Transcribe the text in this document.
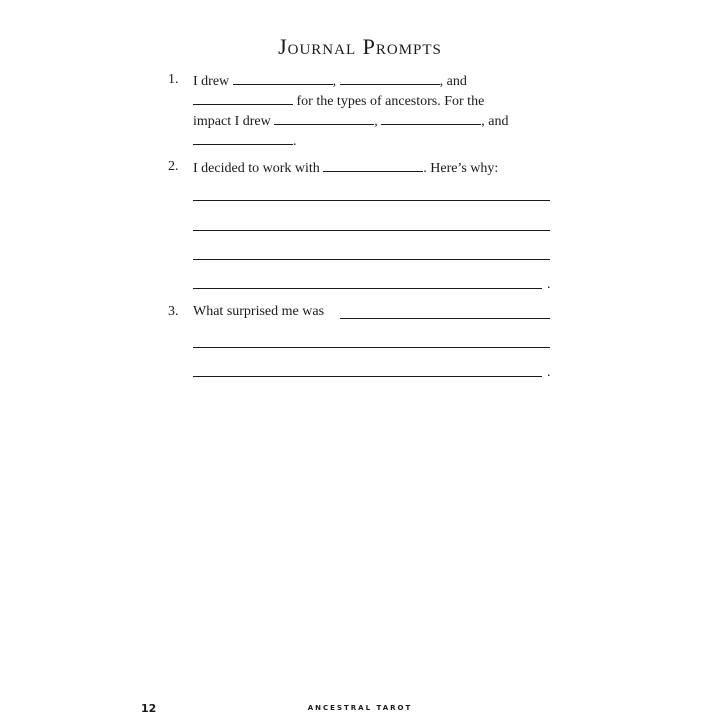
Journal Prompts
1. I drew	,	, and
for the types of ancestors. For the
impact I drew	,	, and
.
2. I decided to work with	. Here’s why:
.
3. What surprised me was
.
12	ANCESTRAL TAROT
